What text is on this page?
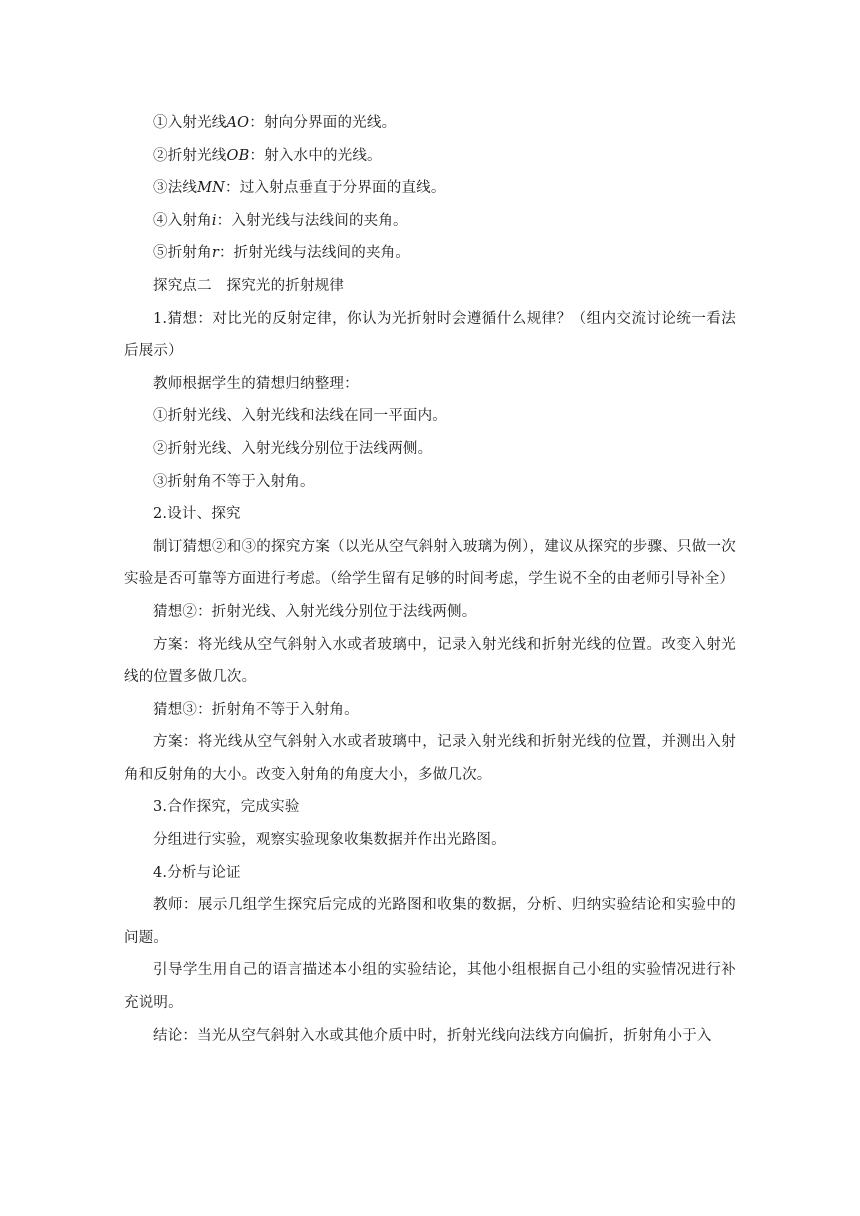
①入射光线AO：射向分界面的光线。

②折射光线OB：射入水中的光线。

③法线MN：过入射点垂直于分界面的直线。

④入射角i：入射光线与法线间的夹角。

⑤折射角r：折射光线与法线间的夹角。

探究点二　探究光的折射规律

1.猜想：对比光的反射定律，你认为光折射时会遵循什么规律？（组内交流讨论统一看法后展示）

教师根据学生的猜想归纳整理：

①折射光线、入射光线和法线在同一平面内。

②折射光线、入射光线分别位于法线两侧。

③折射角不等于入射角。

2.设计、探究

制订猜想②和③的探究方案（以光从空气斜射入玻璃为例），建议从探究的步骤、只做一次实验是否可靠等方面进行考虑。（给学生留有足够的时间考虑，学生说不全的由老师引导补全）

猜想②：折射光线、入射光线分别位于法线两侧。

方案：将光线从空气斜射入水或者玻璃中，记录入射光线和折射光线的位置。改变入射光线的位置多做几次。

猜想③：折射角不等于入射角。

方案：将光线从空气斜射入水或者玻璃中，记录入射光线和折射光线的位置，并测出入射角和反射角的大小。改变入射角的角度大小，多做几次。

3.合作探究，完成实验

分组进行实验，观察实验现象收集数据并作出光路图。

4.分析与论证

教师：展示几组学生探究后完成的光路图和收集的数据，分析、归纳实验结论和实验中的问题。

引导学生用自己的语言描述本小组的实验结论，其他小组根据自己小组的实验情况进行补充说明。

结论：当光从空气斜射入水或其他介质中时，折射光线向法线方向偏折，折射角小于入
